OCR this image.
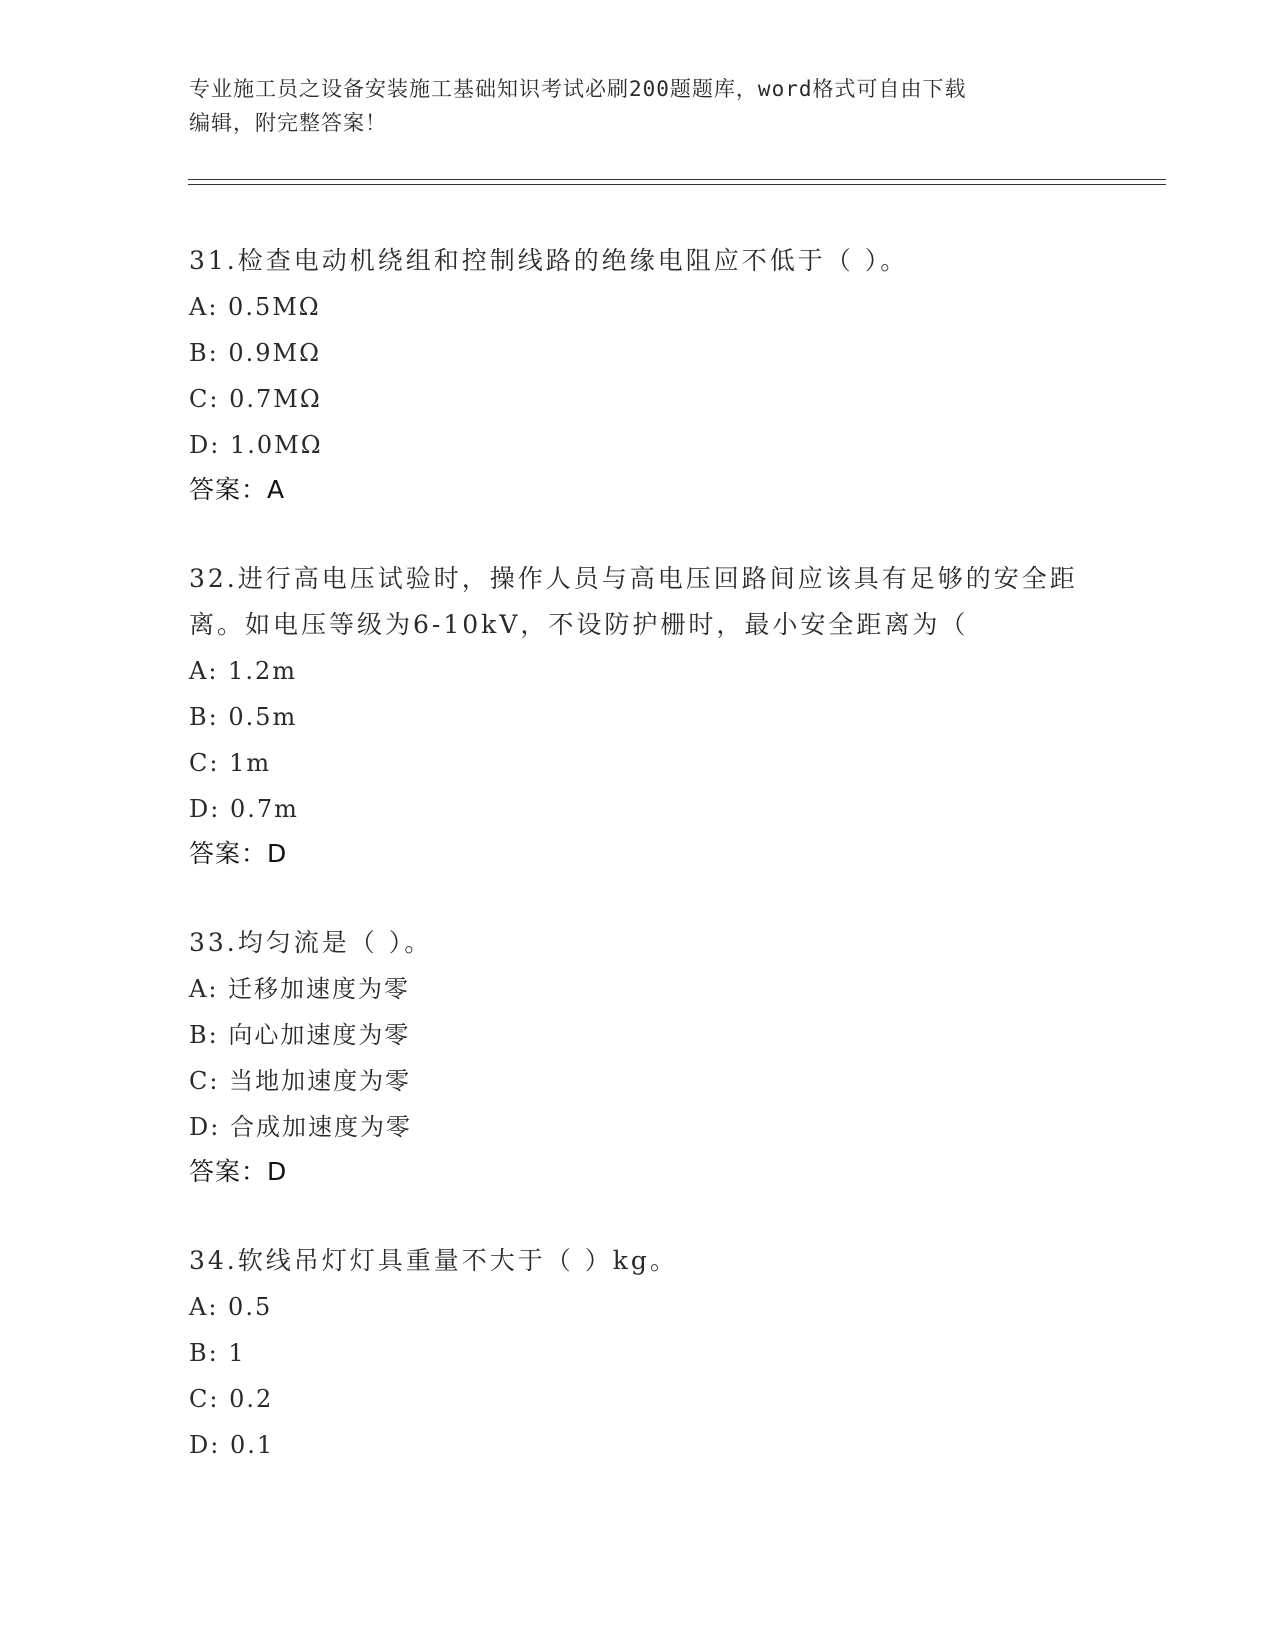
专业施工员之设备安装施工基础知识考试必刷200题题库，word格式可自由下载
编辑，附完整答案！
31.检查电动机绕组和控制线路的绝缘电阻应不低于（ ）。
A: 0.5MΩ
B: 0.9MΩ
C: 0.7MΩ
D: 1.0MΩ
答案：A
32.进行高电压试验时，操作人员与高电压回路间应该具有足够的安全距离。如电压等级为6-10kV，不设防护栅时，最小安全距离为（
A: 1.2m
B: 0.5m
C: 1m
D: 0.7m
答案：D
33.均匀流是（ ）。
A: 迁移加速度为零
B: 向心加速度为零
C: 当地加速度为零
D: 合成加速度为零
答案：D
34.软线吊灯灯具重量不大于（ ）kg。
A: 0.5
B: 1
C: 0.2
D: 0.1
